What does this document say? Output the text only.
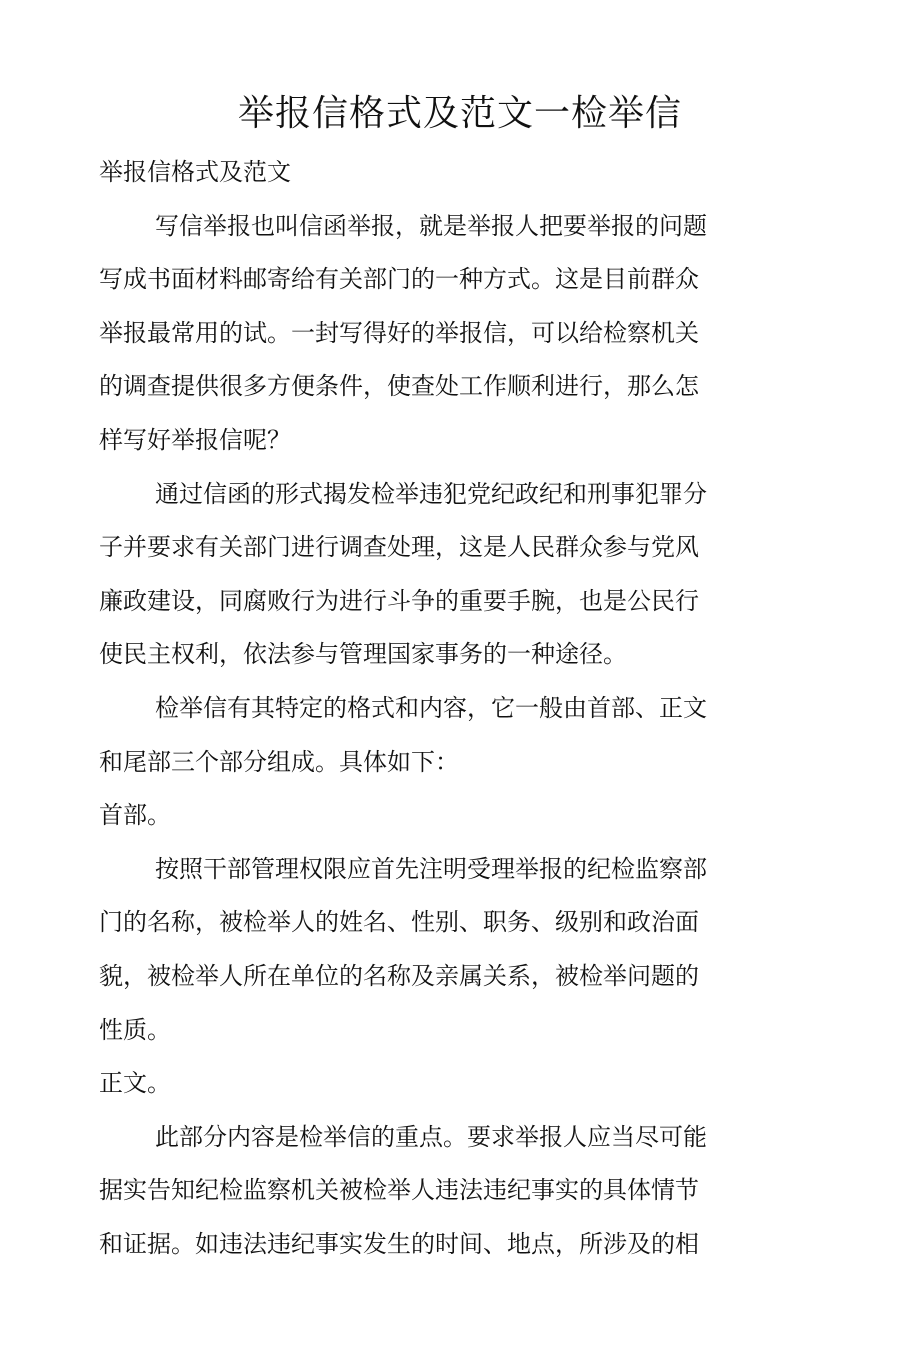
举报信格式及范文一检举信
举报信格式及范文
写信举报也叫信函举报，就是举报人把要举报的问题
写成书面材料邮寄给有关部门的一种方式。这是目前群众
举报最常用的试。一封写得好的举报信，可以给检察机关
的调查提供很多方便条件，使查处工作顺利进行，那么怎
样写好举报信呢？
通过信函的形式揭发检举违犯党纪政纪和刑事犯罪分
子并要求有关部门进行调查处理，这是人民群众参与党风
廉政建设，同腐败行为进行斗争的重要手腕，也是公民行
使民主权利，依法参与管理国家事务的一种途径。
检举信有其特定的格式和内容，它一般由首部、正文
和尾部三个部分组成。具体如下：
首部。
按照干部管理权限应首先注明受理举报的纪检监察部
门的名称，被检举人的姓名、性别、职务、级别和政治面
貌，被检举人所在单位的名称及亲属关系，被检举问题的
性质。
正文。
此部分内容是检举信的重点。要求举报人应当尽可能
据实告知纪检监察机关被检举人违法违纪事实的具体情节
和证据。如违法违纪事实发生的时间、地点，所涉及的相
